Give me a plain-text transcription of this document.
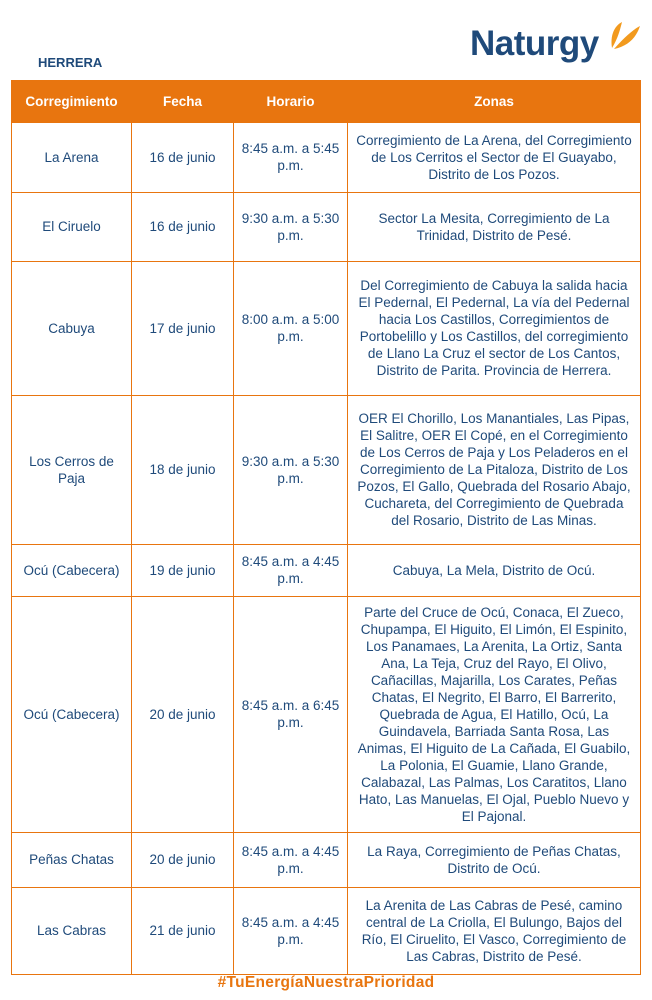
HERRERA	Naturgy
Corregimiento	Fecha	Horario	Zonas
La Arena	16 de junio	8:45 a.m. a 5:45 p.m.	Corregimiento de La Arena, del Corregimiento de Los Cerritos el Sector de El Guayabo, Distrito de Los Pozos.
El Ciruelo	16 de junio	9:30 a.m. a 5:30 p.m.	Sector La Mesita, Corregimiento de La Trinidad, Distrito de Pesé.
Cabuya	17 de junio	8:00 a.m. a 5:00 p.m.	Del Corregimiento de Cabuya la salida hacia El Pedernal, El Pedernal, La vía del Pedernal hacia Los Castillos, Corregimientos de Portobelillo y Los Castillos, del corregimiento de Llano La Cruz el sector de Los Cantos, Distrito de Parita. Provincia de Herrera.
Los Cerros de Paja	18 de junio	9:30 a.m. a 5:30 p.m.	OER El Chorillo, Los Manantiales, Las Pipas, El Salitre, OER El Copé, en el Corregimiento de Los Cerros de Paja y Los Peladeros en el Corregimiento de La Pitaloza, Distrito de Los Pozos, El Gallo, Quebrada del Rosario Abajo, Cuchareta, del Corregimiento de Quebrada del Rosario, Distrito de Las Minas.
Ocú (Cabecera)	19 de junio	8:45 a.m. a 4:45 p.m.	Cabuya, La Mela, Distrito de Ocú.
Ocú (Cabecera)	20 de junio	8:45 a.m. a 6:45 p.m.	Parte del Cruce de Ocú, Conaca, El Zueco, Chupampa, El Higuito, El Limón, El Espinito, Los Panamaes, La Arenita, La Ortiz, Santa Ana, La Teja, Cruz del Rayo, El Olivo, Cañacillas, Majarilla, Los Carates, Peñas Chatas, El Negrito, El Barro, El Barrerito, Quebrada de Agua, El Hatillo, Ocú, La Guindavela, Barriada Santa Rosa, Las Animas, El Higuito de La Cañada, El Guabilo, La Polonia, El Guamie, Llano Grande, Calabazal, Las Palmas, Los Caratitos, Llano Hato, Las Manuelas, El Ojal, Pueblo Nuevo y El Pajonal.
Peñas Chatas	20 de junio	8:45 a.m. a 4:45 p.m.	La Raya, Corregimiento de Peñas Chatas, Distrito de Ocú.
Las Cabras	21 de junio	8:45 a.m. a 4:45 p.m.	La Arenita de Las Cabras de Pesé, camino central de La Criolla, El Bulungo, Bajos del Río, El Ciruelito, El Vasco, Corregimiento de Las Cabras, Distrito de Pesé.
#TuEnergíaNuestraPrioridad
